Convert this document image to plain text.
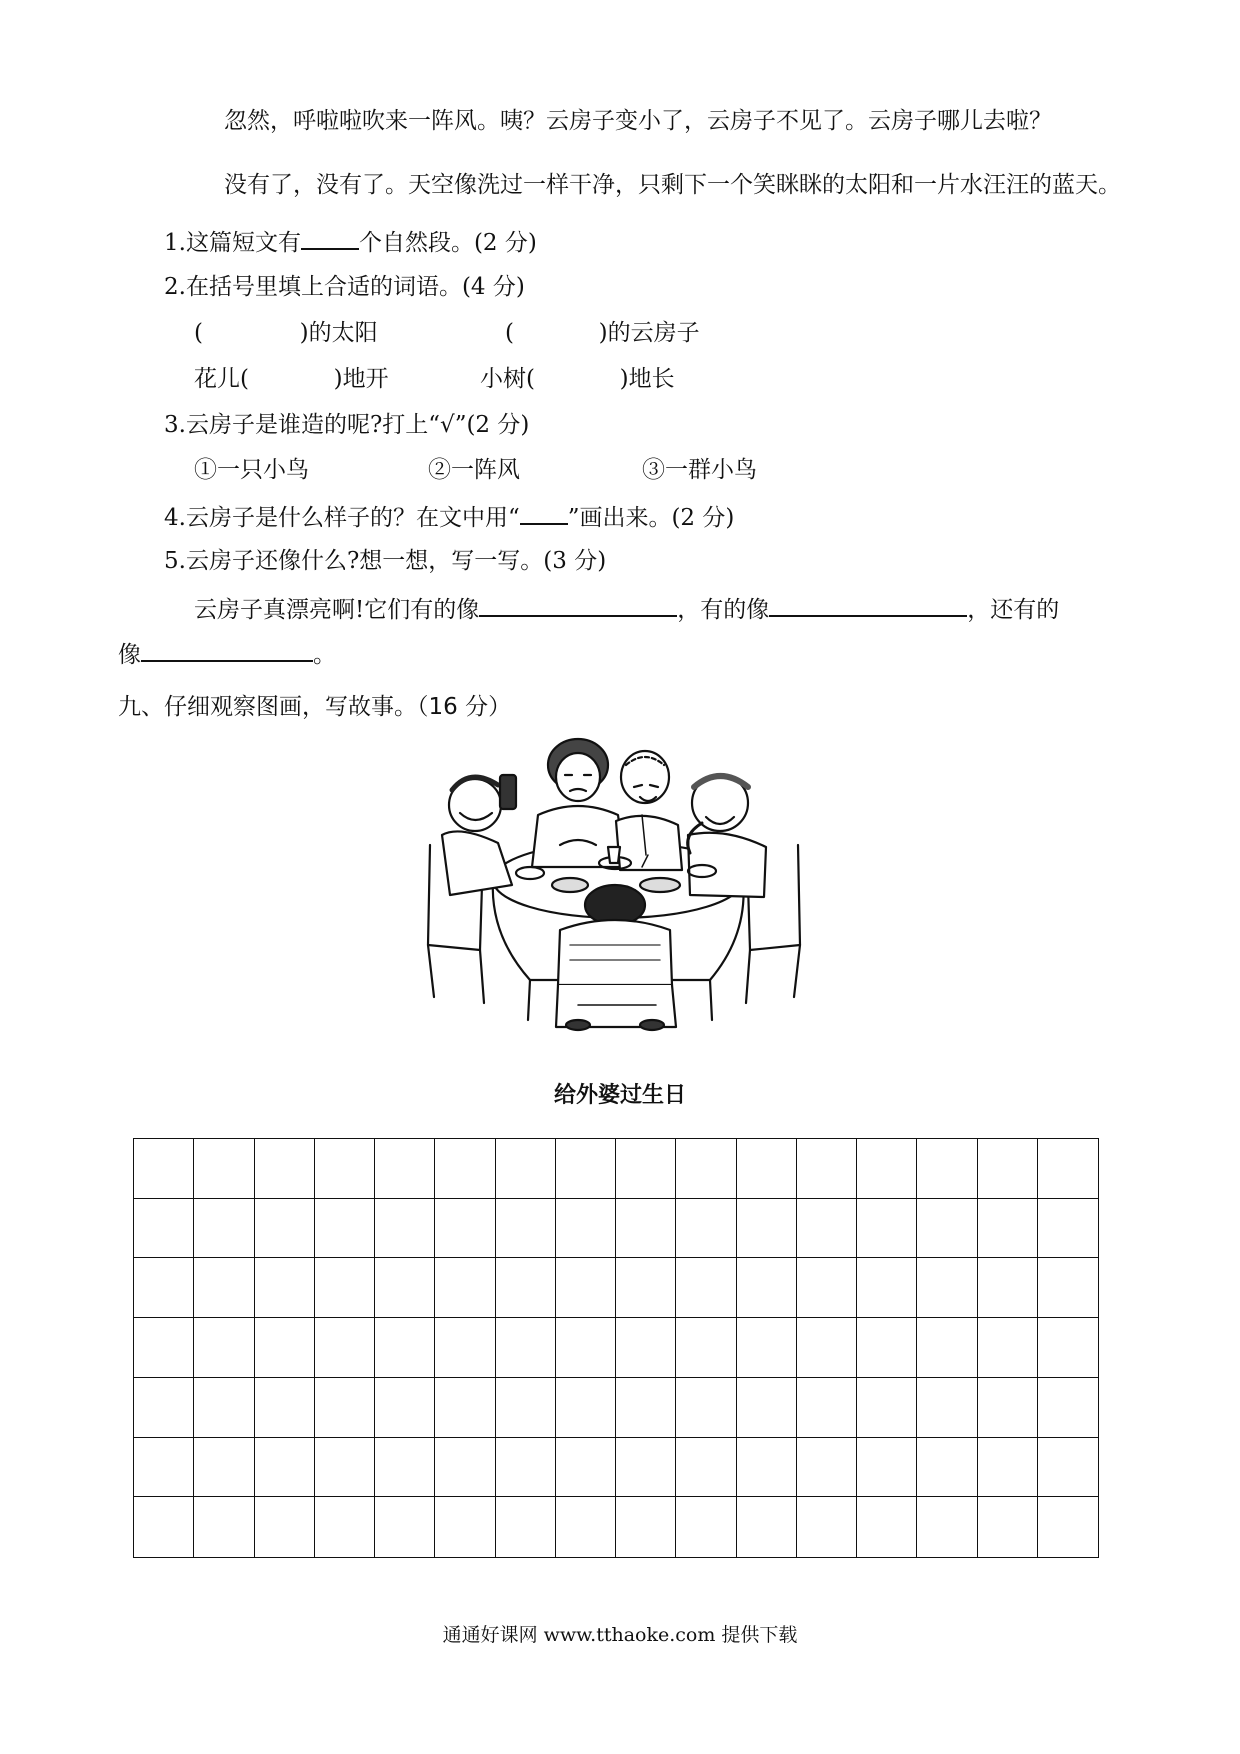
忽然，呼啦啦吹来一阵风。咦？云房子变小了，云房子不见了。云房子哪儿去啦？
没有了，没有了。天空像洗过一样干净，只剩下一个笑眯眯的太阳和一片水汪汪的蓝天。
1.这篇短文有	个自然段。(2 分)
2.在括号里填上合适的词语。(4 分)
(	)的太阳	(	)的云房子
花儿(	)地开	小树(	)地长
3.云房子是谁造的呢?打上“√”(2 分)
①一只小鸟	②一阵风	③一群小鸟
4.云房子是什么样子的？在文中用“ ”画出来。(2 分)
5.云房子还像什么?想一想，写一写。(3 分)
云房子真漂亮啊!它们有的像	，有的像	，还有的
像	。
九、仔细观察图画，写故事。（16 分）
给外婆过生日
通通好课网 www.tthaoke.com 提供下载
